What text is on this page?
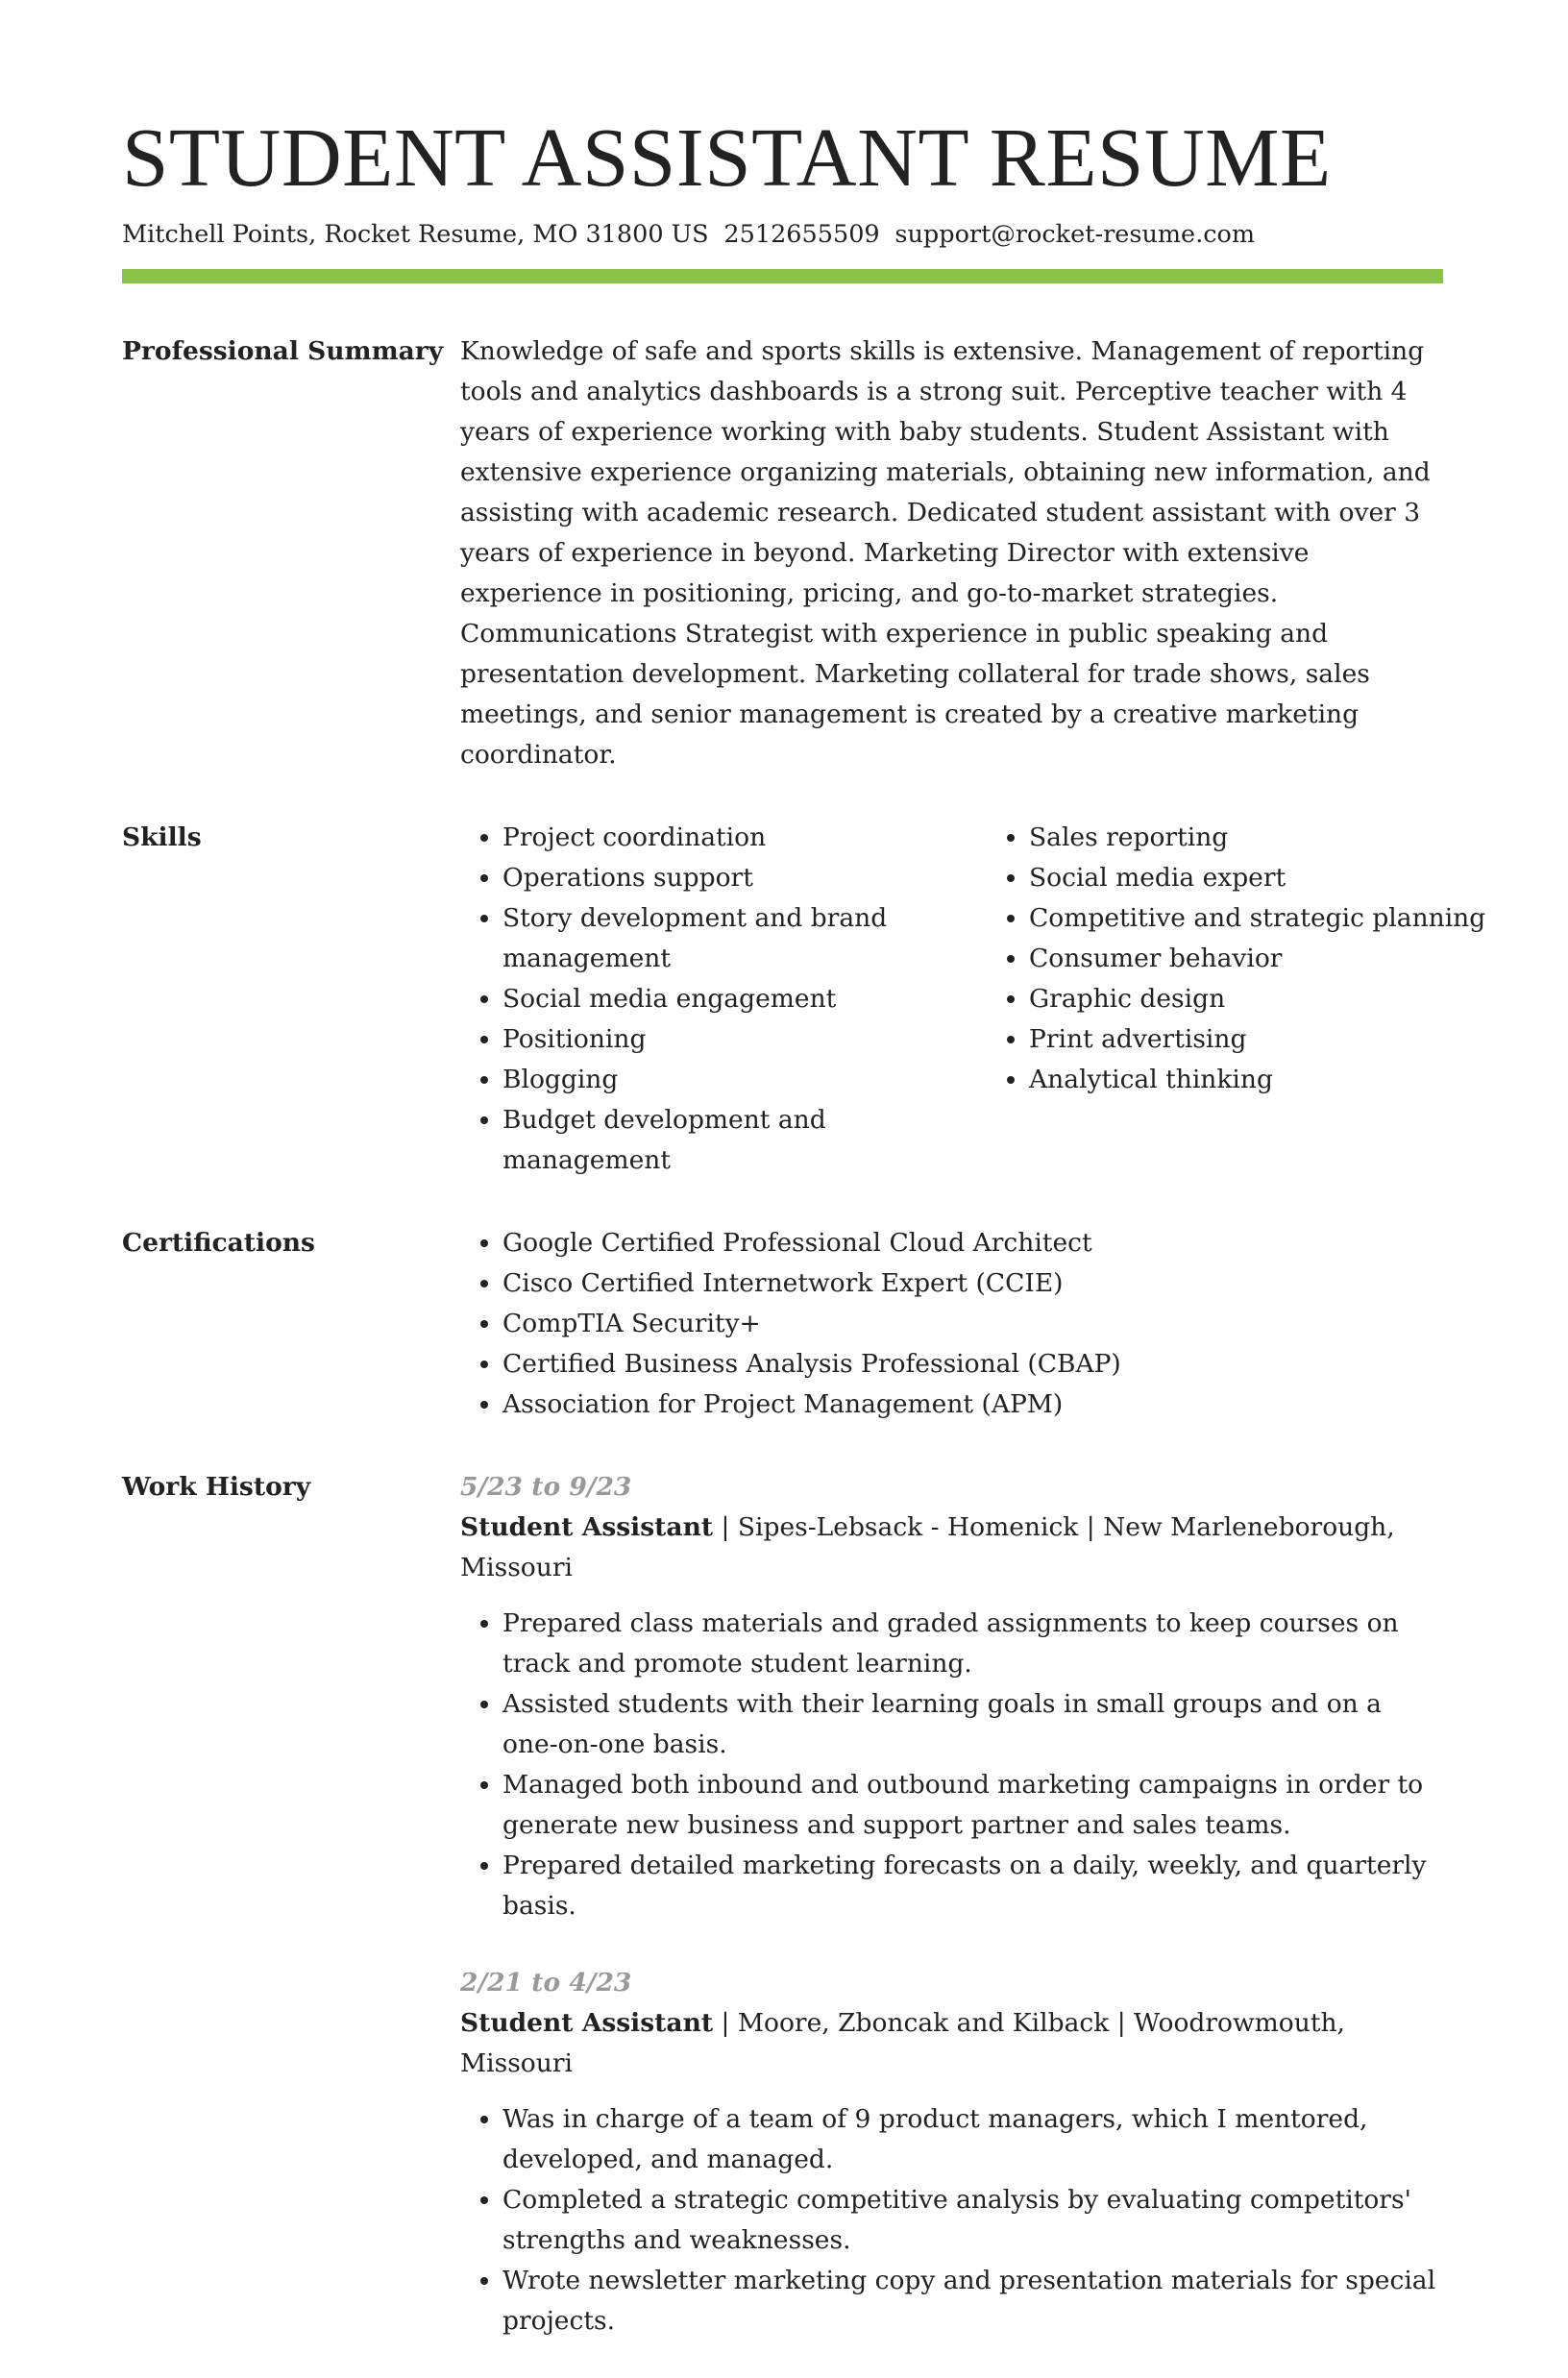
STUDENT ASSISTANT RESUME
Mitchell Points, Rocket Resume, MO 31800 US 2512655509 support@rocket-resume.com
Professional Summary Knowledge of safe and sports skills is extensive. Management of reporting tools and analytics dashboards is a strong suit. Perceptive teacher with 4 years of experience working with baby students. Student Assistant with extensive experience organizing materials, obtaining new information, and assisting with academic research. Dedicated student assistant with over 3 years of experience in beyond. Marketing Director with extensive experience in positioning, pricing, and go-to-market strategies. Communications Strategist with experience in public speaking and presentation development. Marketing collateral for trade shows, sales meetings, and senior management is created by a creative marketing coordinator.

Skills	• Project coordination
• Operations support
• Story development and brand management
• Social media engagement
• Positioning
• Blogging
• Budget development and management
• Sales reporting
• Social media expert
• Competitive and strategic planning
• Consumer behavior
• Graphic design
• Print advertising
• Analytical thinking
Certifications	• Google Certified Professional Cloud Architect
• Cisco Certified Internetwork Expert (CCIE)
• CompTIA Security+
• Certified Business Analysis Professional (CBAP)
• Association for Project Management (APM)
Work History	5/23 to 9/23
Student Assistant | Sipes-Lebsack - Homenick | New Marleneborough, Missouri
• Prepared class materials and graded assignments to keep courses on track and promote student learning.
• Assisted students with their learning goals in small groups and on a one-on-one basis.
• Managed both inbound and outbound marketing campaigns in order to generate new business and support partner and sales teams.
• Prepared detailed marketing forecasts on a daily, weekly, and quarterly basis.
2/21 to 4/23
Student Assistant | Moore, Zboncak and Kilback | Woodrowmouth, Missouri
• Was in charge of a team of 9 product managers, which I mentored, developed, and managed.
• Completed a strategic competitive analysis by evaluating competitors' strengths and weaknesses.
• Wrote newsletter marketing copy and presentation materials for special projects.
